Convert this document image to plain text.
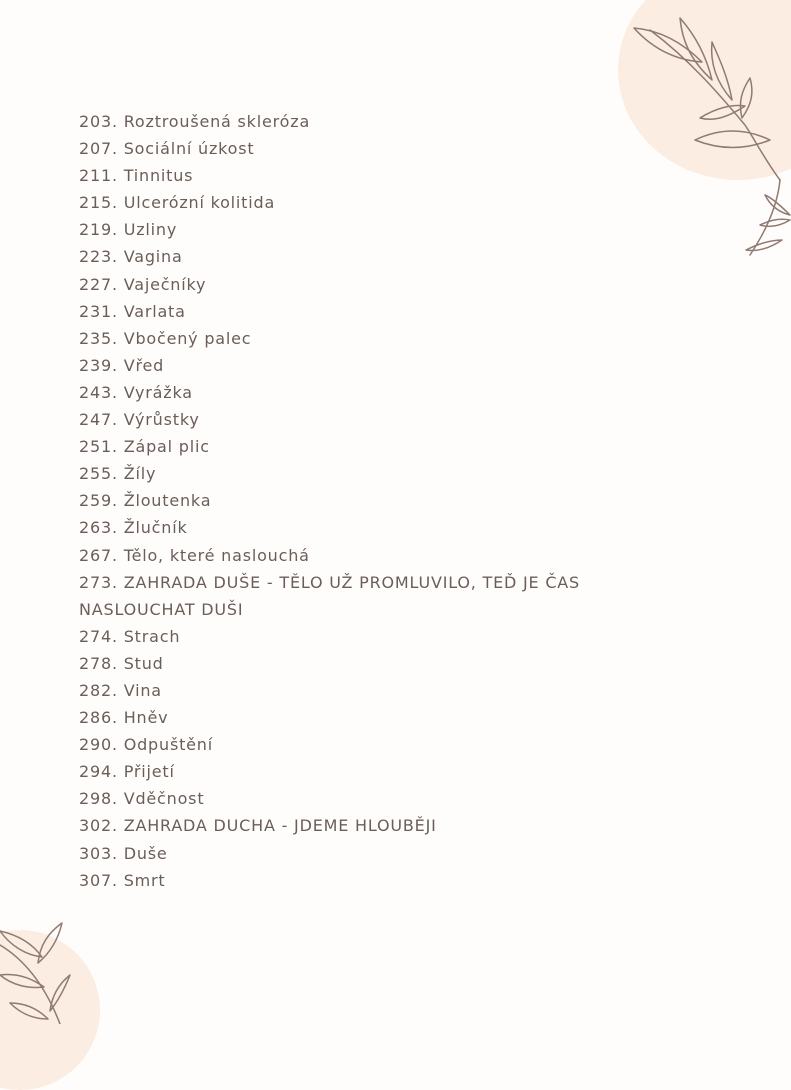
203. Roztroušená skleróza
207. Sociální úzkost
211. Tinnitus
215. Ulcerózní kolitida
219. Uzliny
223. Vagina
227. Vaječníky
231. Varlata
235. Vbočený palec
239. Vřed
243. Vyrážka
247. Výrůstky
251. Zápal plic
255. Žíly
259. Žloutenka
263. Žlučník
267. Tělo, které naslouchá
273. ZAHRADA DUŠE - TĚLO UŽ PROMLUVILO, TEĎ JE ČAS NASLOUCHAT DUŠI
274. Strach
278. Stud
282. Vina
286. Hněv
290. Odpuštění
294. Přijetí
298. Vděčnost
302. ZAHRADA DUCHA - JDEME HLOUBĚJI
303. Duše
307. Smrt
